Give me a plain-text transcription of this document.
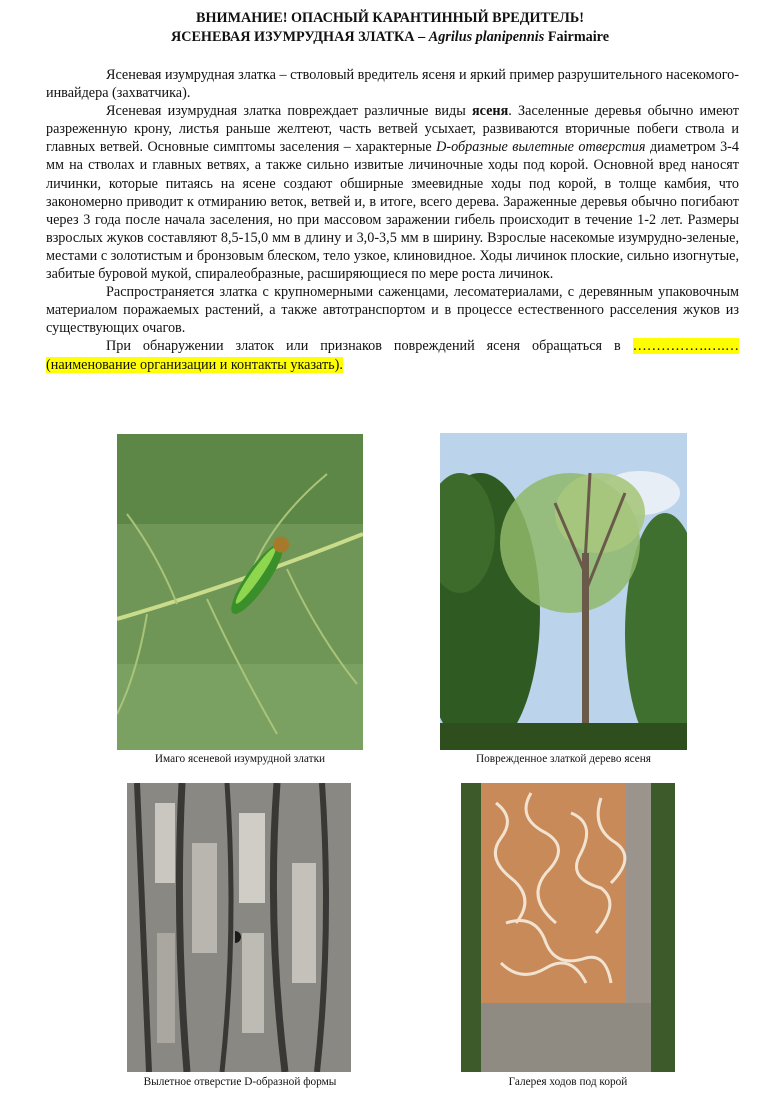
ВНИМАНИЕ! ОПАСНЫЙ КАРАНТИННЫЙ ВРЕДИТЕЛЬ!
ЯСЕНЕВАЯ ИЗУМРУДНАЯ ЗЛАТКА – Agrilus planipennis Fairmaire

Ясеневая изумрудная златка – стволовый вредитель ясеня и яркий пример разрушительного насекомого-инвайдера (захватчика).

Ясеневая изумрудная златка повреждает различные виды ясеня. Заселенные деревья обычно имеют разреженную крону, листья раньше желтеют, часть ветвей усыхает, развиваются вторичные побеги ствола и главных ветвей. Основные симптомы заселения – характерные D-образные вылетные отверстия диаметром 3-4 мм на стволах и главных ветвях, а также сильно извитые личиночные ходы под корой. Основной вред наносят личинки, которые питаясь на ясене создают обширные змеевидные ходы под корой, в толще камбия, что закономерно приводит к отмиранию веток, ветвей и, в итоге, всего дерева. Зараженные деревья обычно погибают через 3 года после начала заселения, но при массовом заражении гибель происходит в течение 1-2 лет. Размеры взрослых жуков составляют 8,5-15,0 мм в длину и 3,0-3,5 мм в ширину. Взрослые насекомые изумрудно-зеленые, местами с золотистым и бронзовым блеском, тело узкое, клиновидное. Ходы личинок плоские, сильно изогнутые, забитые буровой мукой, спиралеобразные, расширяющиеся по мере роста личинок.

Распространяется златка с крупномерными саженцами, лесоматериалами, с деревянным упаковочным материалом поражаемых растений, а также автотранспортом и в процессе естественного расселения жуков из существующих очагов.

При обнаружении златок или признаков повреждений ясеня обращаться в …………….….… (наименование организации и контакты указать).

Имаго ясеневой изумрудной златки	Поврежденное златкой дерево ясеня
Вылетное отверстие D-образной формы	Галерея ходов под корой
